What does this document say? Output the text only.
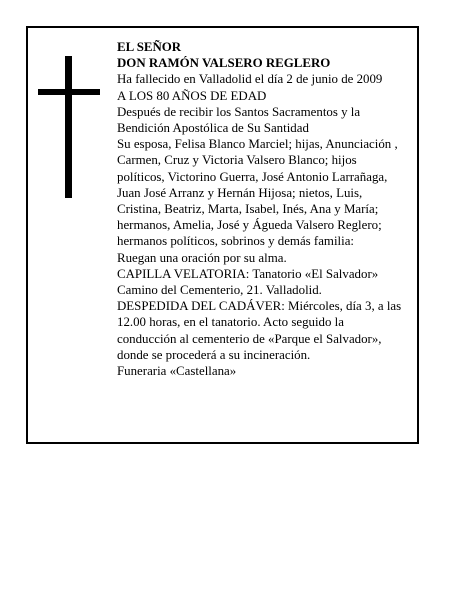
EL SEÑOR
DON RAMÓN VALSERO REGLERO
Ha fallecido en Valladolid el día 2 de junio de 2009
A LOS 80 AÑOS DE EDAD
Después de recibir los Santos Sacramentos y la
Bendición Apostólica de Su Santidad
Su esposa, Felisa Blanco Marciel; hijas, Anunciación ,
Carmen, Cruz y Victoria Valsero Blanco; hijos
políticos, Victorino Guerra, José Antonio Larrañaga,
Juan José Arranz y Hernán Hijosa; nietos, Luis,
Cristina, Beatriz, Marta, Isabel, Inés, Ana y María;
hermanos, Amelia, José y Águeda Valsero Reglero;
hermanos políticos, sobrinos y demás familia:
Ruegan una oración por su alma.
CAPILLA VELATORIA: Tanatorio «El Salvador»
Camino del Cementerio, 21. Valladolid.
DESPEDIDA DEL CADÁVER: Miércoles, día 3, a las
12.00 horas, en el tanatorio. Acto seguido la
conducción al cementerio de «Parque el Salvador»,
donde se procederá a su incineración.
Funeraria «Castellana»
